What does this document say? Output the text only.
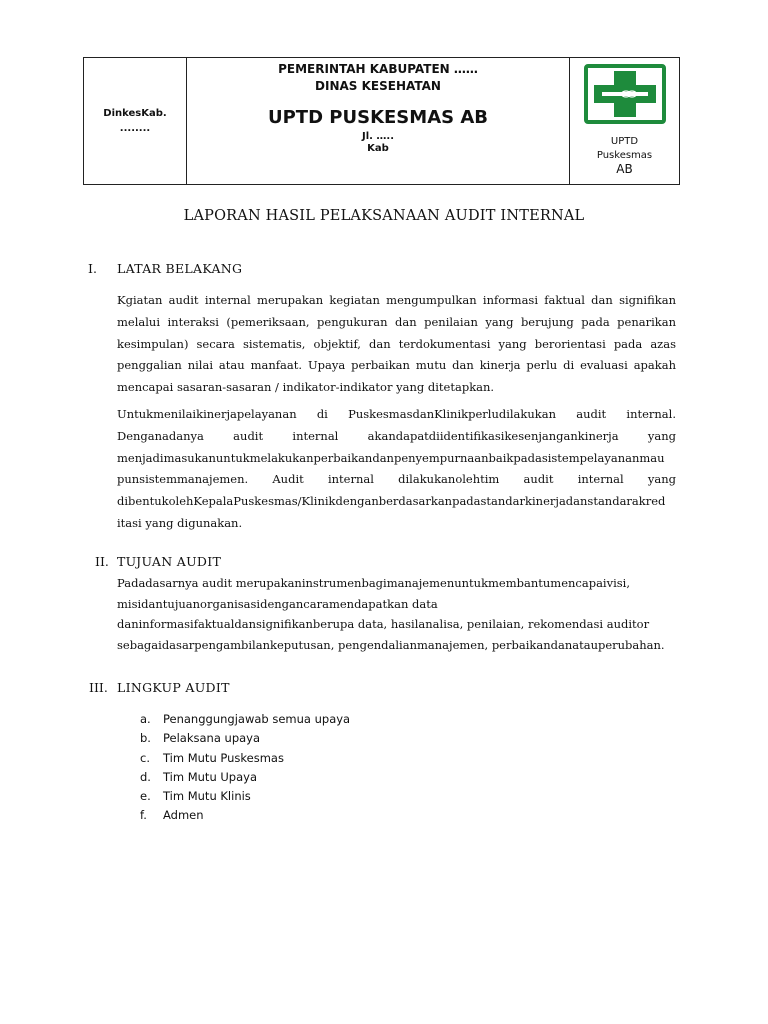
DinkesKab.
........
PEMERINTAH KABUPATEN ……
DINAS KESEHATAN
UPTD PUSKESMAS AB
Jl. …..
Kab
UPTD
Puskesmas
AB
LAPORAN HASIL PELAKSANAAN AUDIT INTERNAL
I. LATAR BELAKANG
Kgiatan audit internal merupakan kegiatan mengumpulkan informasi faktual dan signifikan melalui interaksi (pemeriksaan, pengukuran dan penilaian yang berujung pada penarikan kesimpulan) secara sistematis, objektif, dan terdokumentasi yang berorientasi pada azas penggalian nilai atau manfaat. Upaya perbaikan mutu dan kinerja perlu di evaluasi apakah mencapai sasaran-sasaran / indikator-indikator yang ditetapkan.
Untukmenilaikinerjapelayanan di PuskesmasdanKlinikperludilakukan audit internal. Denganadanya audit internal akandapatdiidentifikasikesenjangankinerja yang menjadimasukanuntukmelakukanperbaikandanpenyempurnaanbaikpadasistempelayananmau punsistemmanajemen. Audit internal dilakukanolehtim audit internal yang dibentukolehKepalaPuskesmas/Klinikdenganberdasarkanpadastandarkinerjadanstandarakred itasi yang digunakan.
II. TUJUAN AUDIT
Padadasarnya audit merupakaninstrumenbagimanajemenuntukmembantumencapaivisi, misidantujuanorganisasidengancaramendapatkan data daninformasifaktualdansignifikanberupa data, hasilanalisa, penilaian, rekomendasi auditor sebagaidasarpengambilankeputusan, pengendalianmanajemen, perbaikandanatauperubahan.
III. LINGKUP AUDIT
a.	Penanggungjawab semua upaya
b.	Pelaksana upaya
c.	Tim Mutu Puskesmas
d.	Tim Mutu Upaya
e.	Tim Mutu Klinis
f.	Admen
